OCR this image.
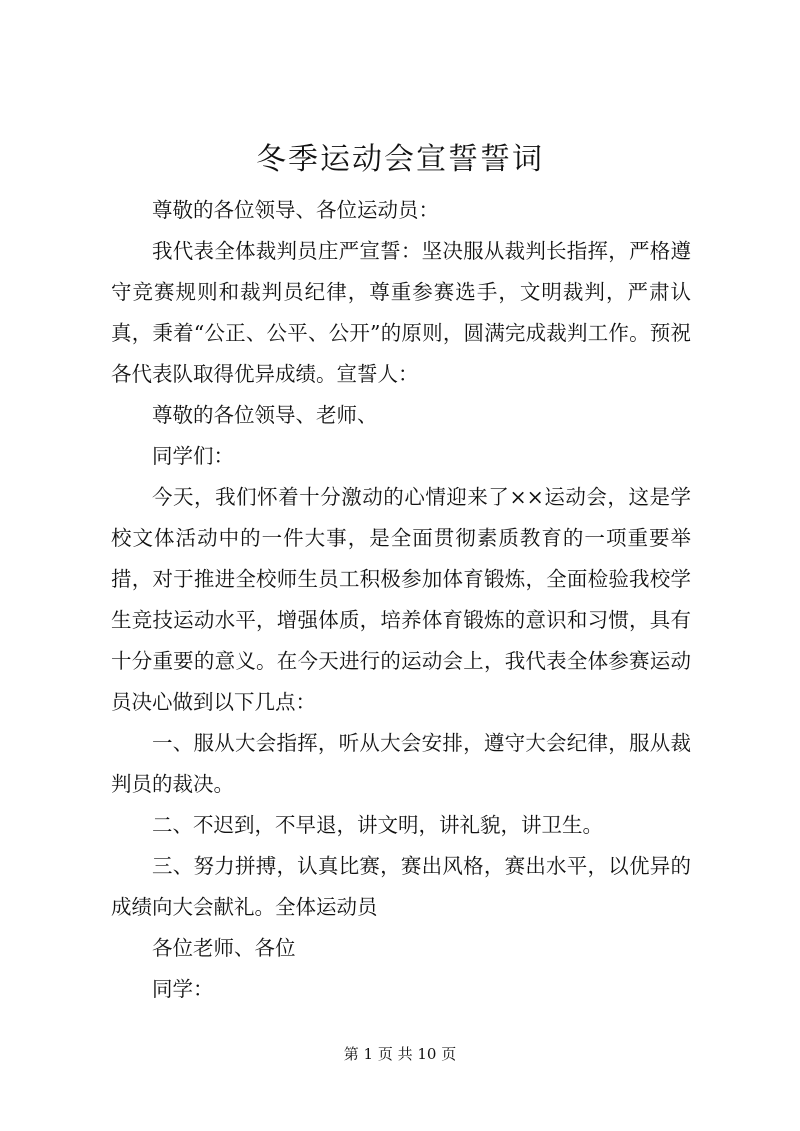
冬季运动会宣誓誓词

尊敬的各位领导、各位运动员：

我代表全体裁判员庄严宣誓：坚决服从裁判长指挥，严格遵守竞赛规则和裁判员纪律，尊重参赛选手，文明裁判，严肃认真，秉着“公正、公平、公开”的原则，圆满完成裁判工作。预祝各代表队取得优异成绩。宣誓人：

尊敬的各位领导、老师、

同学们：

今天，我们怀着十分激动的心情迎来了××运动会，这是学校文体活动中的一件大事，是全面贯彻素质教育的一项重要举措，对于推进全校师生员工积极参加体育锻炼，全面检验我校学生竞技运动水平，增强体质，培养体育锻炼的意识和习惯，具有十分重要的意义。在今天进行的运动会上，我代表全体参赛运动员决心做到以下几点：

一、服从大会指挥，听从大会安排，遵守大会纪律，服从裁判员的裁决。

二、不迟到，不早退，讲文明，讲礼貌，讲卫生。

三、努力拼搏，认真比赛，赛出风格，赛出水平，以优异的成绩向大会献礼。全体运动员

各位老师、各位

同学：

第 1 页 共 10 页
